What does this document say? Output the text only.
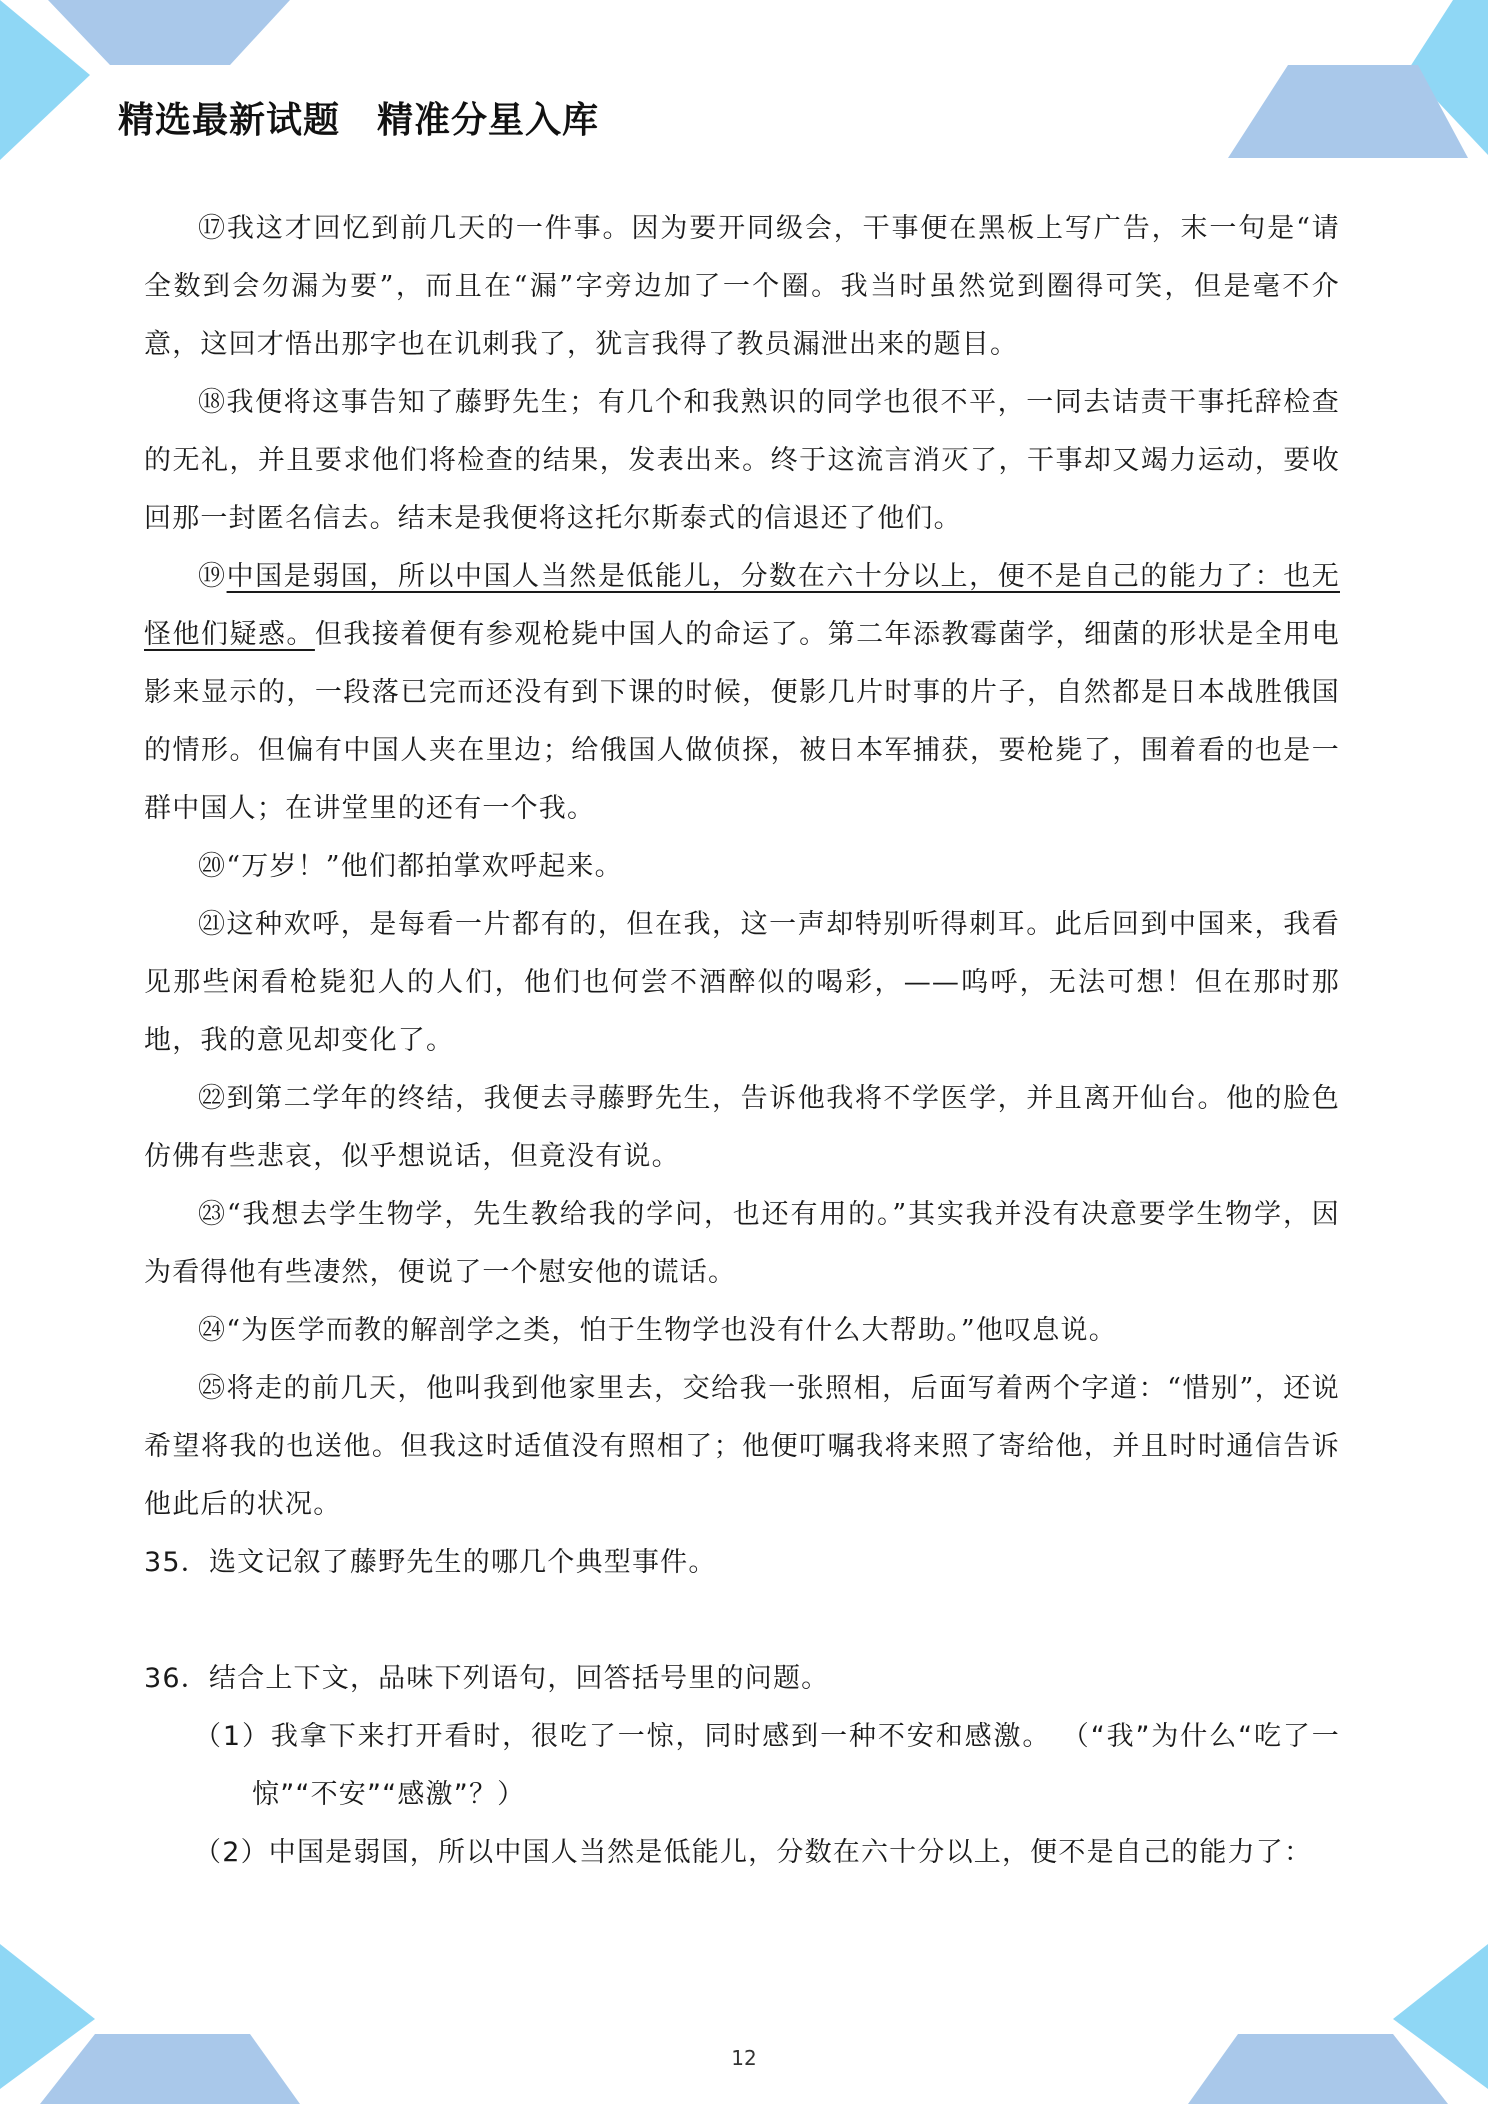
精选最新试题　精准分星入库

⑰我这才回忆到前几天的一件事。因为要开同级会，干事便在黑板上写广告，末一句是“请全数到会勿漏为要”，而且在“漏”字旁边加了一个圈。我当时虽然觉到圈得可笑，但是毫不介意，这回才悟出那字也在讥刺我了，犹言我得了教员漏泄出来的题目。

⑱我便将这事告知了藤野先生；有几个和我熟识的同学也很不平，一同去诘责干事托辞检查的无礼，并且要求他们将检查的结果，发表出来。终于这流言消灭了，干事却又竭力运动，要收回那一封匿名信去。结末是我便将这托尔斯泰式的信退还了他们。

⑲中国是弱国，所以中国人当然是低能儿，分数在六十分以上，便不是自己的能力了：也无怪他们疑惑。但我接着便有参观枪毙中国人的命运了。第二年添教霉菌学，细菌的形状是全用电影来显示的，一段落已完而还没有到下课的时候，便影几片时事的片子，自然都是日本战胜俄国的情形。但偏有中国人夹在里边；给俄国人做侦探，被日本军捕获，要枪毙了，围着看的也是一群中国人；在讲堂里的还有一个我。

⑳“万岁！”他们都拍掌欢呼起来。

㉑这种欢呼，是每看一片都有的，但在我，这一声却特别听得刺耳。此后回到中国来，我看见那些闲看枪毙犯人的人们，他们也何尝不酒醉似的喝彩，——呜呼，无法可想！但在那时那地，我的意见却变化了。

㉒到第二学年的终结，我便去寻藤野先生，告诉他我将不学医学，并且离开仙台。他的脸色仿佛有些悲哀，似乎想说话，但竟没有说。

㉓“我想去学生物学，先生教给我的学问，也还有用的。”其实我并没有决意要学生物学，因为看得他有些凄然，便说了一个慰安他的谎话。

㉔“为医学而教的解剖学之类，怕于生物学也没有什么大帮助。”他叹息说。

㉕将走的前几天，他叫我到他家里去，交给我一张照相，后面写着两个字道：“惜别”，还说希望将我的也送他。但我这时适值没有照相了；他便叮嘱我将来照了寄给他，并且时时通信告诉他此后的状况。

35．选文记叙了藤野先生的哪几个典型事件。

36．结合上下文，品味下列语句，回答括号里的问题。

（1）我拿下来打开看时，很吃了一惊，同时感到一种不安和感激。 （“我”为什么“吃了一惊”“不安”“感激”？）

（2）中国是弱国，所以中国人当然是低能儿，分数在六十分以上，便不是自己的能力了：

12
